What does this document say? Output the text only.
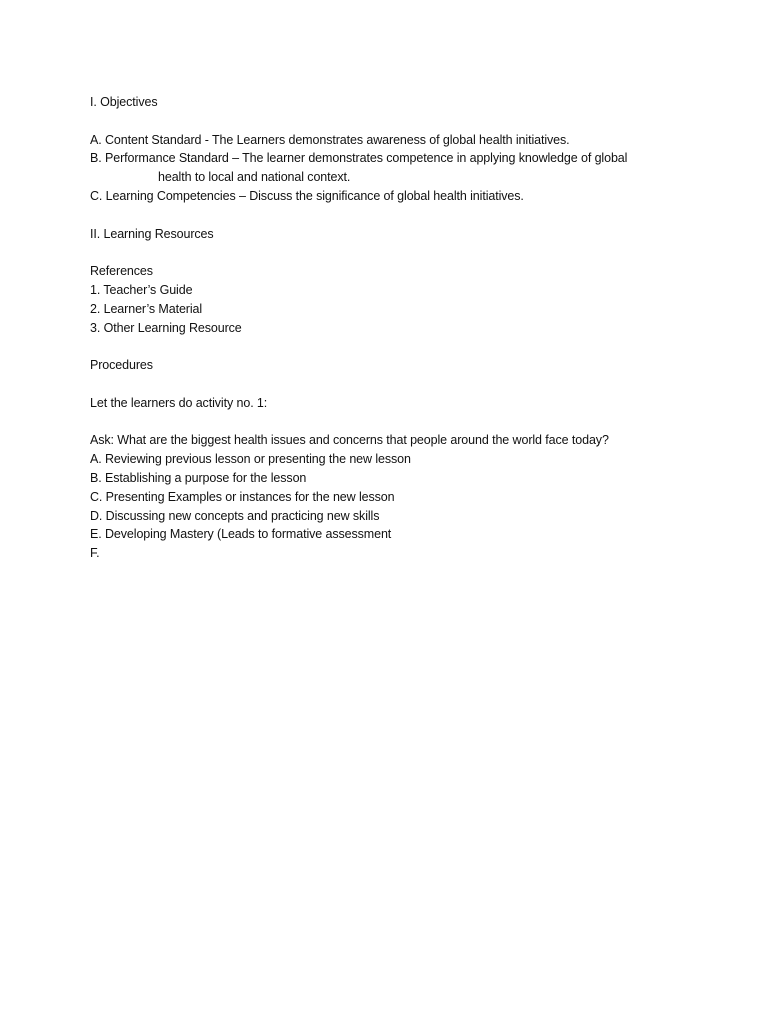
I. Objectives
A. Content Standard - The Learners demonstrates awareness of global health initiatives.
B. Performance Standard – The learner demonstrates competence in applying knowledge of global
health to local and national context.
C. Learning Competencies – Discuss the significance of global health initiatives.
II. Learning Resources
References
1. Teacher’s Guide
2. Learner’s Material
3. Other Learning Resource
Procedures
Let the learners do activity no. 1:
Ask: What are the biggest health issues and concerns that people around the world face today?
A. Reviewing previous lesson or presenting the new lesson
B. Establishing a purpose for the lesson
C. Presenting Examples or instances for the new lesson
D. Discussing new concepts and practicing new skills
E. Developing Mastery (Leads to formative assessment
F.
